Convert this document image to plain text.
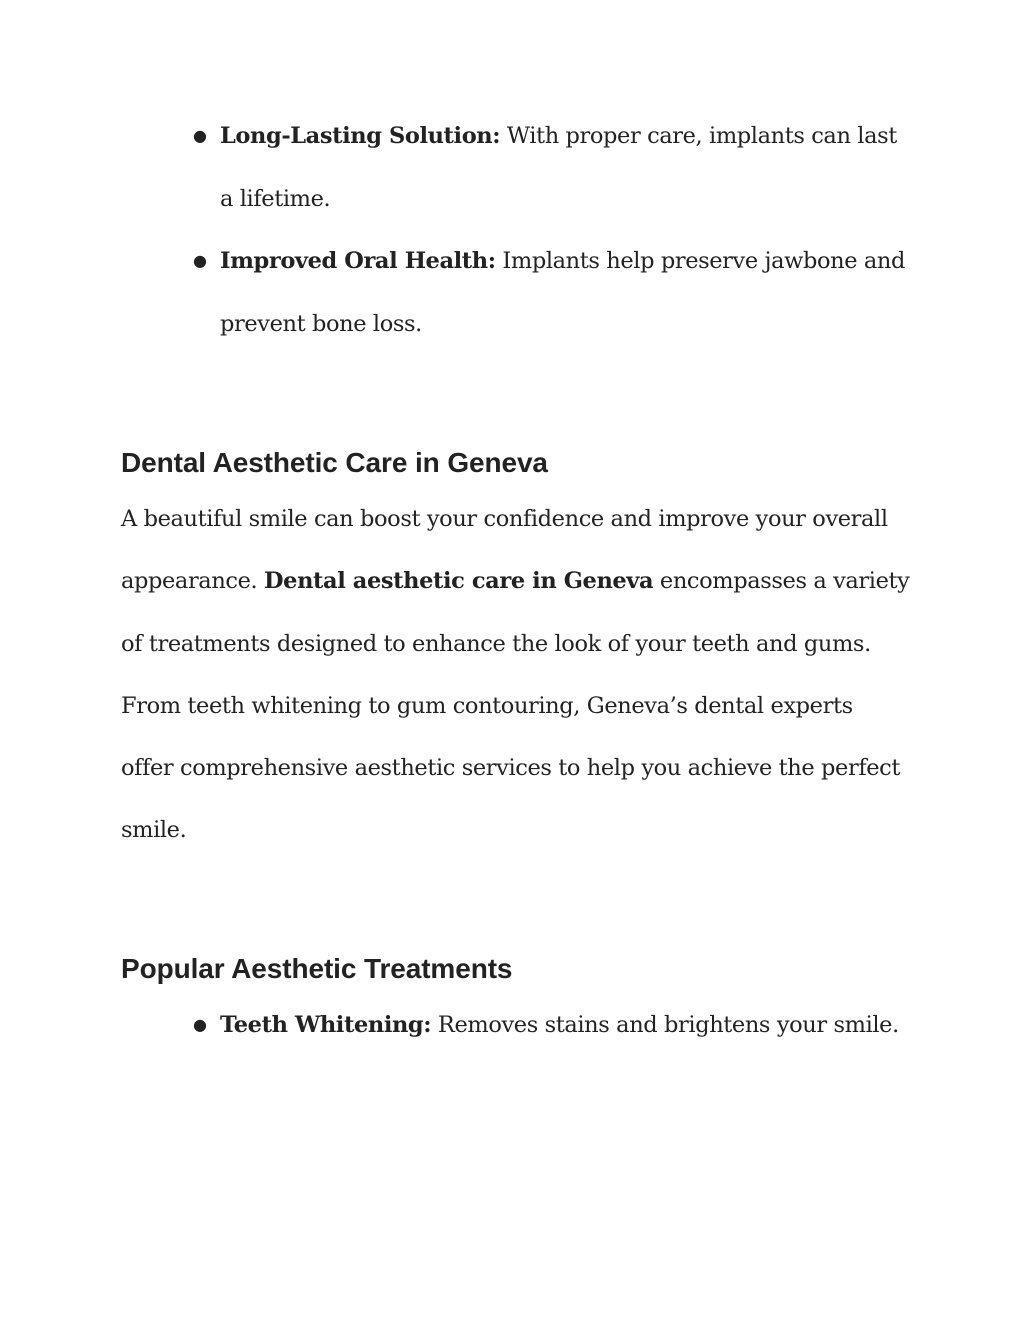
● Long-Lasting Solution: With proper care, implants can last a lifetime.
● Improved Oral Health: Implants help preserve jawbone and prevent bone loss.
Dental Aesthetic Care in Geneva

A beautiful smile can boost your confidence and improve your overall appearance. Dental aesthetic care in Geneva encompasses a variety of treatments designed to enhance the look of your teeth and gums. From teeth whitening to gum contouring, Geneva’s dental experts offer comprehensive aesthetic services to help you achieve the perfect smile.

Popular Aesthetic Treatments
● Teeth Whitening: Removes stains and brightens your smile.
